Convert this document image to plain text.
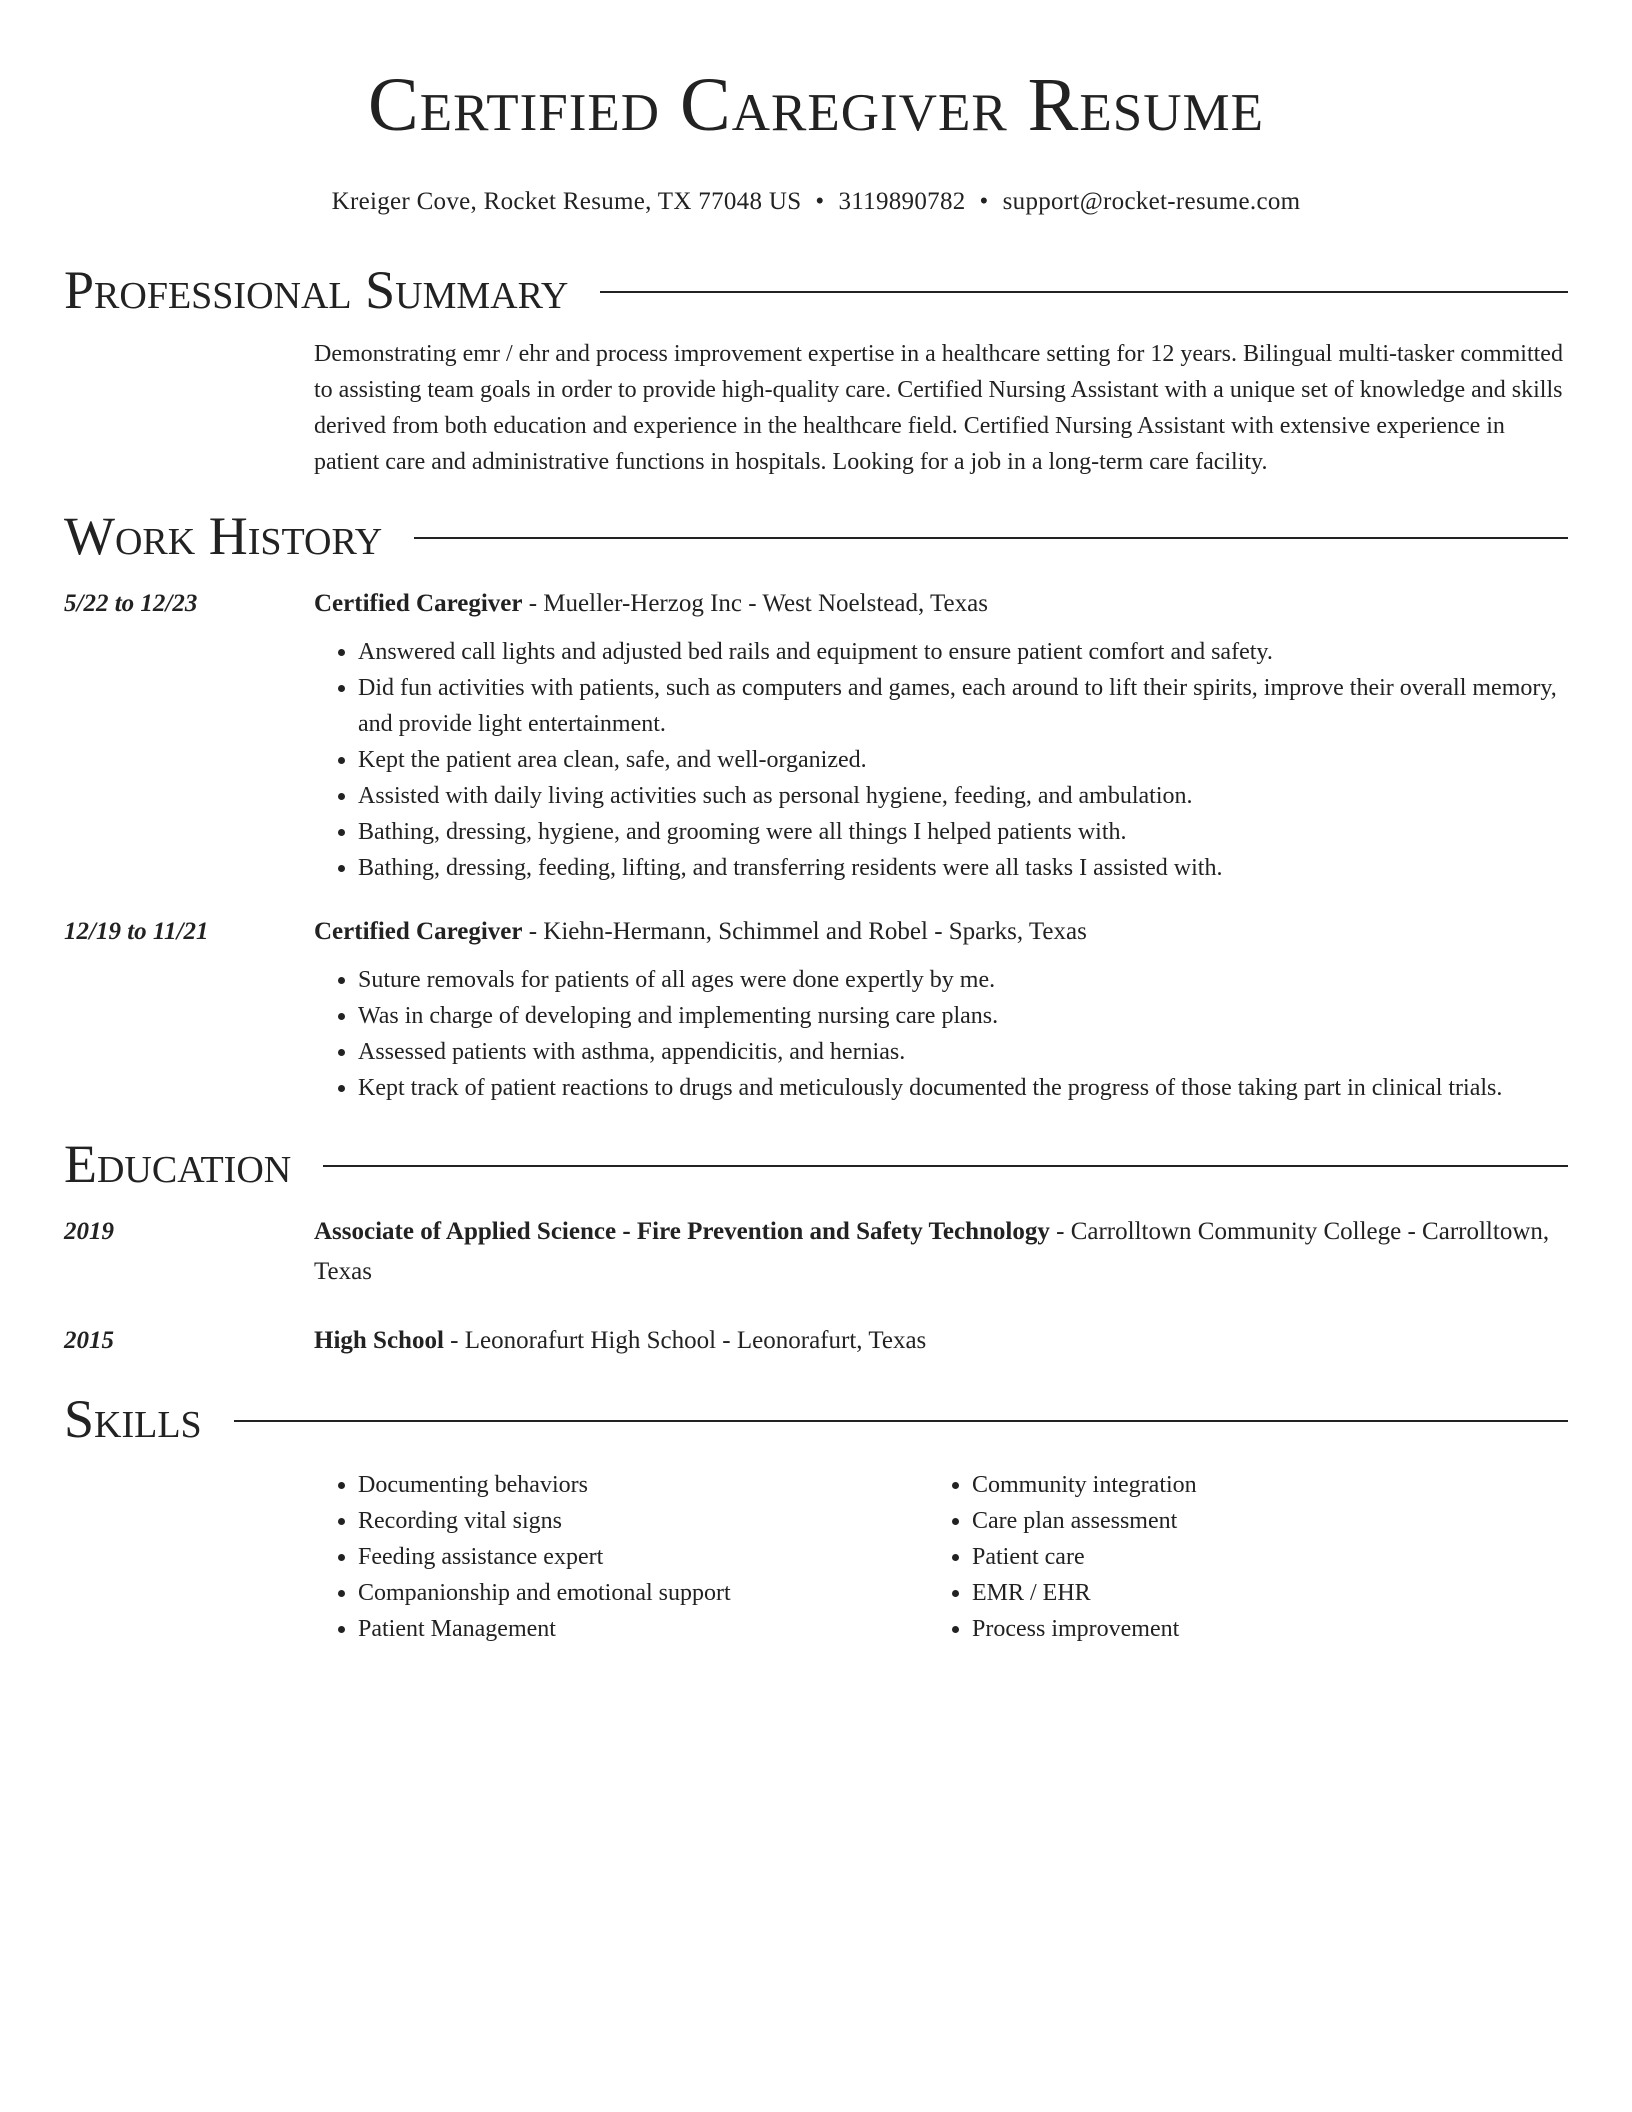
Certified Caregiver Resume
Kreiger Cove, Rocket Resume, TX 77048 US • 3119890782 • support@rocket-resume.com
Professional Summary

Demonstrating emr / ehr and process improvement expertise in a healthcare setting for 12 years. Bilingual multi-tasker committed to assisting team goals in order to provide high-quality care. Certified Nursing Assistant with a unique set of knowledge and skills derived from both education and experience in the healthcare field. Certified Nursing Assistant with extensive experience in patient care and administrative functions in hospitals. Looking for a job in a long-term care facility.

Work History
5/22 to 12/23	Certified Caregiver - Mueller-Herzog Inc - West Noelstead, Texas
• Answered call lights and adjusted bed rails and equipment to ensure patient comfort and safety.
• Did fun activities with patients, such as computers and games, each around to lift their spirits, improve their overall memory, and provide light entertainment.
• Kept the patient area clean, safe, and well-organized.
• Assisted with daily living activities such as personal hygiene, feeding, and ambulation.
• Bathing, dressing, hygiene, and grooming were all things I helped patients with.
• Bathing, dressing, feeding, lifting, and transferring residents were all tasks I assisted with.
12/19 to 11/21	Certified Caregiver - Kiehn-Hermann, Schimmel and Robel - Sparks, Texas
• Suture removals for patients of all ages were done expertly by me.
• Was in charge of developing and implementing nursing care plans.
• Assessed patients with asthma, appendicitis, and hernias.
• Kept track of patient reactions to drugs and meticulously documented the progress of those taking part in clinical trials.
Education
2019	Associate of Applied Science - Fire Prevention and Safety Technology - Carrolltown Community College - Carrolltown, Texas
2015	High School - Leonorafurt High School - Leonorafurt, Texas
Skills
• Documenting behaviors
• Recording vital signs
• Feeding assistance expert
• Companionship and emotional support
• Patient Management
• Community integration
• Care plan assessment
• Patient care
• EMR / EHR
• Process improvement
